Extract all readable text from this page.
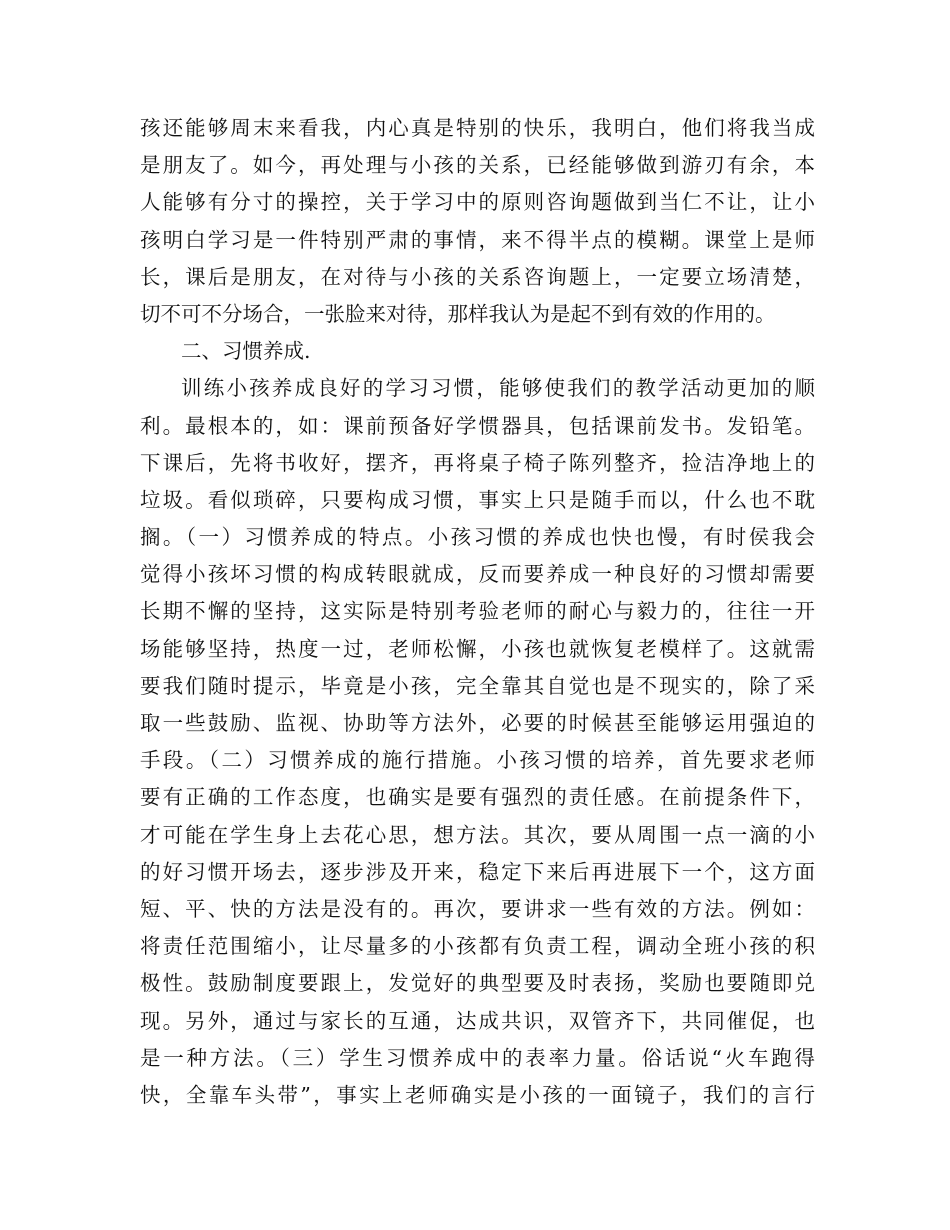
孩还能够周末来看我，内心真是特别的快乐，我明白，他们将我当成
是朋友了。如今，再处理与小孩的关系，已经能够做到游刃有余，本
人能够有分寸的操控，关于学习中的原则咨询题做到当仁不让，让小
孩明白学习是一件特别严肃的事情，来不得半点的模糊。课堂上是师
长，课后是朋友，在对待与小孩的关系咨询题上，一定要立场清楚，
切不可不分场合，一张脸来对待，那样我认为是起不到有效的作用的。
二、习惯养成.
训练小孩养成良好的学习习惯，能够使我们的教学活动更加的顺
利。最根本的，如：课前预备好学惯器具，包括课前发书。发铅笔。
下课后，先将书收好，摆齐，再将桌子椅子陈列整齐，捡洁净地上的
垃圾。看似琐碎，只要构成习惯，事实上只是随手而以，什么也不耽
搁。（一）习惯养成的特点。小孩习惯的养成也快也慢，有时侯我会
觉得小孩坏习惯的构成转眼就成，反而要养成一种良好的习惯却需要
长期不懈的坚持，这实际是特别考验老师的耐心与毅力的，往往一开
场能够坚持，热度一过，老师松懈，小孩也就恢复老模样了。这就需
要我们随时提示，毕竟是小孩，完全靠其自觉也是不现实的，除了采
取一些鼓励、监视、协助等方法外，必要的时候甚至能够运用强迫的
手段。（二）习惯养成的施行措施。小孩习惯的培养，首先要求老师
要有正确的工作态度，也确实是要有强烈的责任感。在前提条件下，
才可能在学生身上去花心思，想方法。其次，要从周围一点一滴的小
的好习惯开场去，逐步涉及开来，稳定下来后再进展下一个，这方面
短、平、快的方法是没有的。再次，要讲求一些有效的方法。例如：
将责任范围缩小，让尽量多的小孩都有负责工程，调动全班小孩的积
极性。鼓励制度要跟上，发觉好的典型要及时表扬，奖励也要随即兑
现。另外，通过与家长的互通，达成共识，双管齐下，共同催促，也
是一种方法。（三）学生习惯养成中的表率力量。俗话说“火车跑得
快，全靠车头带”，事实上老师确实是小孩的一面镜子，我们的言行
